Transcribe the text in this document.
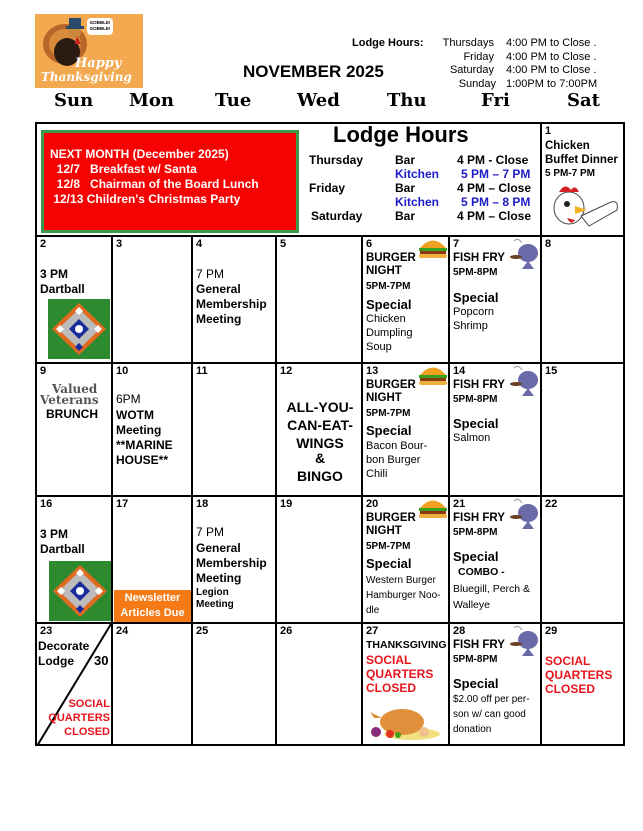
GOBBLE!
GOBBLE!
Happy
Thanksgiving	NOVEMBER 2025
Lodge Hours: Thursdays 4:00 PM to Close .
Friday 4:00 PM to Close .
Saturday 4:00 PM to Close .
Sunday 1:00PM to 7:00PM
Sun Mon Tue	Wed	Thu	Fri	Sat
NEXT MONTH (December 2025)
12/7   Breakfast w/ Santa
12/8   Chairman of the Board Lunch
12/13 Children's Christmas Party
Lodge Hours
Thursday	Bar	4 PM - Close
Kitchen 5 PM – 7 PM
Friday	Bar	4 PM – Close
Kitchen 5 PM – 8 PM
Saturday	Bar	4 PM – Close
1
Chicken Buffet Dinner
5 PM-7 PM
2
3 PM
Dartball
3	4
7 PM
General Membership Meeting
5	6
BURGER NIGHT
5PM-7PM
Special
Chicken Dumpling Soup
7
FISH FRY
5PM-8PM
Special
Popcorn Shrimp
8
9
Valued
Veterans
BRUNCH
10
6PM
WOTM Meeting
**MARINE HOUSE**
11	12
ALL-YOU-CAN-EAT-WINGS
&
BINGO
13
BURGER NIGHT
5PM-7PM
Special
Bacon Bour-bon Burger Chili
14
FISH FRY
5PM-8PM
Special
Salmon
15
16
3 PM
Dartball
17
Newsletter Articles Due
18
7 PM
General Membership Meeting
Legion Meeting
19	20
BURGER NIGHT
5PM-7PM
Special
Western Burger Hamburger Noo-dle
21
FISH FRY
5PM-8PM
Special
COMBO -
Bluegill, Perch & Walleye
22
23
Decorate Lodge	30
SOCIAL QUARTERS CLOSED
24	25	26	27
THANKSGIVING
SOCIAL QUARTERS CLOSED
28
FISH FRY
5PM-8PM
Special
$2.00 off per per-son w/ can good donation
29
SOCIAL QUARTERS CLOSED
